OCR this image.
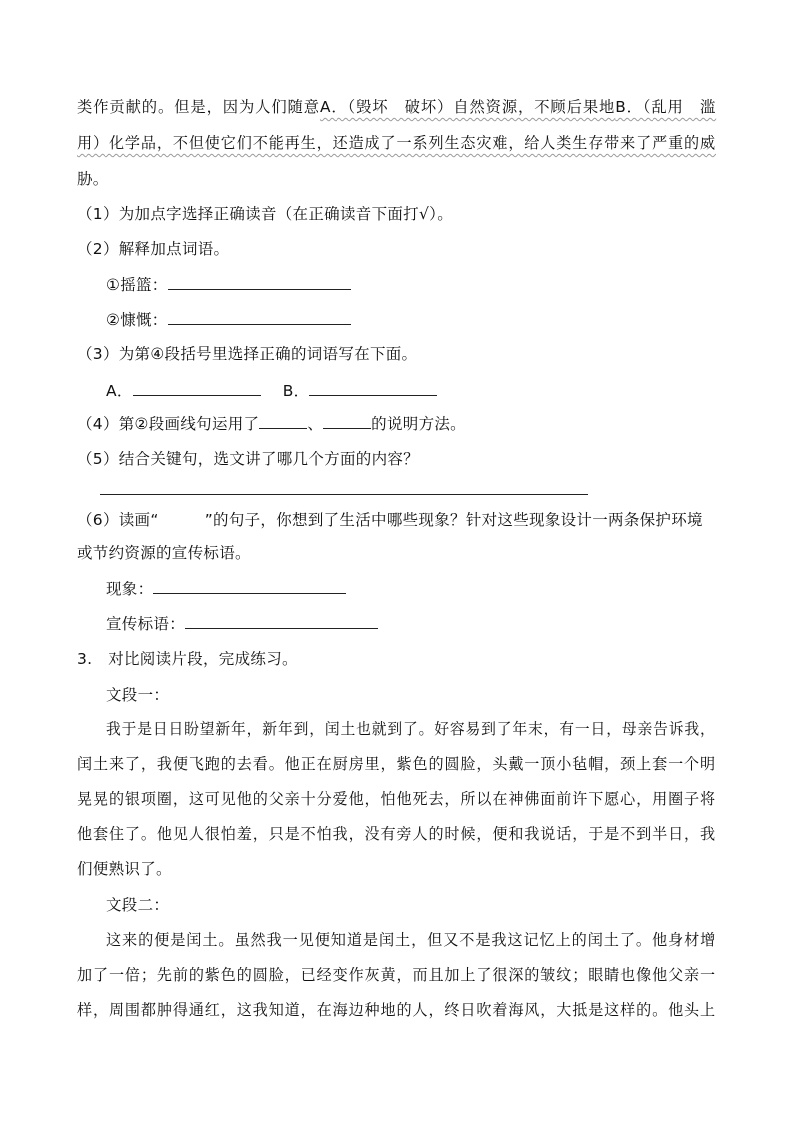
类作贡献的。但是，因为人们随意A．（毁坏　破坏）自然资源，不顾后果地B．（乱用　滥
用）化学品，不但使它们不能再生，还造成了一系列生态灾难，给人类生存带来了严重的威
胁。
（1）为加点字选择正确读音（在正确读音下面打√）。
（2）解释加点词语。
①摇篮：
②慷慨：
（3）为第④段括号里选择正确的词语写在下面。
A．	B．
（4）第②段画线句运用了	、	的说明方法。
（5）结合关键句，选文讲了哪几个方面的内容？
（6）读画“	”的句子，你想到了生活中哪些现象？针对这些现象设计一两条保护环境
或节约资源的宣传标语。
现象：
宣传标语：
3.　对比阅读片段，完成练习。
文段一：
我于是日日盼望新年，新年到，闰土也就到了。好容易到了年末，有一日，母亲告诉我，
闰土来了，我便飞跑的去看。他正在厨房里，紫色的圆脸，头戴一顶小毡帽，颈上套一个明
晃晃的银项圈，这可见他的父亲十分爱他，怕他死去，所以在神佛面前许下愿心，用圈子将
他套住了。他见人很怕羞，只是不怕我，没有旁人的时候，便和我说话，于是不到半日，我
们便熟识了。
文段二：
这来的便是闰土。虽然我一见便知道是闰土，但又不是我这记忆上的闰土了。他身材增
加了一倍；先前的紫色的圆脸，已经变作灰黄，而且加上了很深的皱纹；眼睛也像他父亲一
样，周围都肿得通红，这我知道，在海边种地的人，终日吹着海风，大抵是这样的。他头上
